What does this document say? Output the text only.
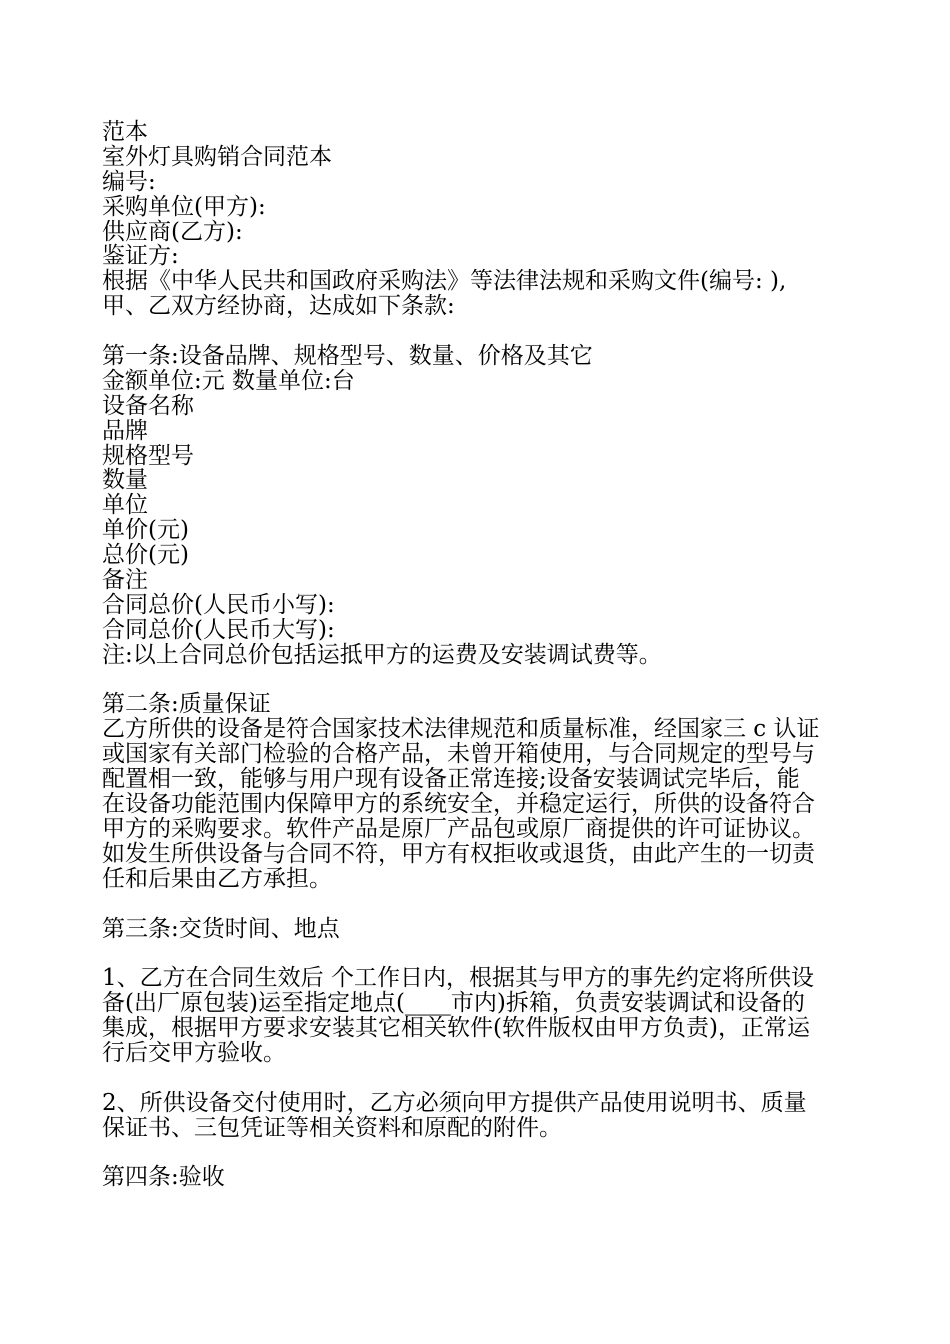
范本

室外灯具购销合同范本

编号:

采购单位(甲方):

供应商(乙方):

鉴证方:

根据《中华人民共和国政府采购法》等法律法规和采购文件(编号: ),

甲、乙双方经协商，达成如下条款:

第一条:设备品牌、规格型号、数量、价格及其它

金额单位:元 数量单位:台

设备名称

品牌

规格型号

数量

单位

单价(元)

总价(元)

备注

合同总价(人民币小写):

合同总价(人民币大写):

注:以上合同总价包括运抵甲方的运费及安装调试费等。

第二条:质量保证

乙方所供的设备是符合国家技术法律规范和质量标准，经国家三 c 认证

或国家有关部门检验的合格产品，未曾开箱使用，与合同规定的型号与

配置相一致，能够与用户现有设备正常连接;设备安装调试完毕后，能

在设备功能范围内保障甲方的系统安全，并稳定运行，所供的设备符合

甲方的采购要求。软件产品是原厂产品包或原厂商提供的许可证协议。

如发生所供设备与合同不符，甲方有权拒收或退货，由此产生的一切责

任和后果由乙方承担。

第三条:交货时间、地点

1、乙方在合同生效后 个工作日内，根据其与甲方的事先约定将所供设

备(出厂原包装)运至指定地点(____市内)拆箱，负责安装调试和设备的

集成，根据甲方要求安装其它相关软件(软件版权由甲方负责)，正常运

行后交甲方验收。

2、所供设备交付使用时，乙方必须向甲方提供产品使用说明书、质量

保证书、三包凭证等相关资料和原配的附件。

第四条:验收
